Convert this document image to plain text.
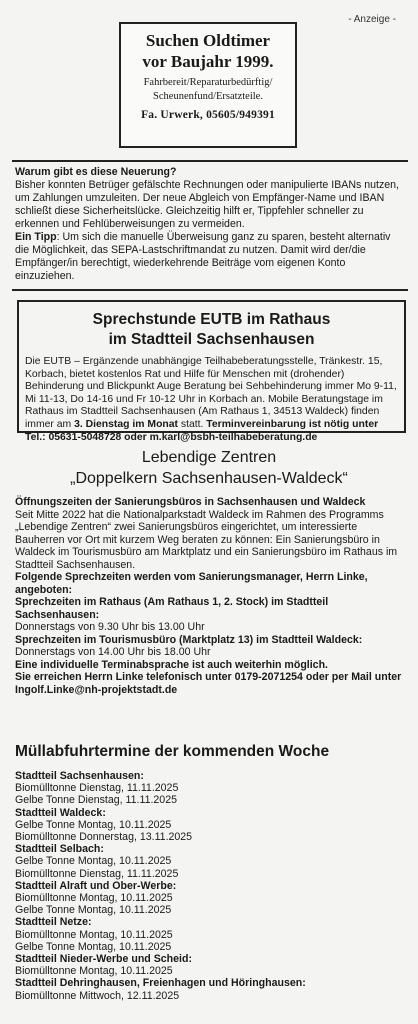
- Anzeige -
Suchen Oldtimer
vor Baujahr 1999.
Fahrbereit/Reparaturbedürftig/
Scheunenfund/Ersatzteile.
Fa. Urwerk, 05605/949391

Warum gibt es diese Neuerung?

Bisher konnten Betrüger gefälschte Rechnungen oder manipulierte IBANs nutzen, um Zahlungen umzuleiten. Der neue Abgleich von Empfänger-Name und IBAN schließt diese Sicherheitslücke. Gleichzeitig hilft er, Tippfehler schneller zu erkennen und Fehlüberweisungen zu vermeiden.

Ein Tipp: Um sich die manuelle Überweisung ganz zu sparen, besteht alternativ die Möglichkeit, das SEPA-Lastschriftmandat zu nutzen. Damit wird der/die Empfänger/in berechtigt, wiederkehrende Beiträge vom eigenen Konto einzuziehen.

Sprechstunde EUTB im Rathaus
im Stadtteil Sachsenhausen
Die EUTB – Ergänzende unabhängige Teilhabeberatungsstelle, Tränkestr. 15, Korbach, bietet kostenlos Rat und Hilfe für Menschen mit (drohender) Behinderung und Blickpunkt Auge Beratung bei Sehbehinderung immer Mo 9-11, Mi 11-13, Do 14-16 und Fr 10-12 Uhr in Korbach an. Mobile Beratungstage im Rathaus im Stadtteil Sachsenhausen (Am Rathaus 1, 34513 Waldeck) finden immer am 3. Dienstag im Monat statt. Terminvereinbarung ist nötig unter Tel.: 05631-5048728 oder m.karl@bsbh-teilhabeberatung.de
Lebendige Zentren
„Doppelkern Sachsenhausen-Waldeck“

Öffnungszeiten der Sanierungsbüros in Sachsenhausen und Waldeck

Seit Mitte 2022 hat die Nationalparkstadt Waldeck im Rahmen des Programms „Lebendige Zentren“ zwei Sanierungsbüros eingerichtet, um interessierte Bauherren vor Ort mit kurzem Weg beraten zu können: Ein Sanierungsbüro in Waldeck im Tourismusbüro am Marktplatz und ein Sanierungsbüro im Rathaus im Stadtteil Sachsenhausen.

Folgende Sprechzeiten werden vom Sanierungsmanager, Herrn Linke, angeboten:

Sprechzeiten im Rathaus (Am Rathaus 1, 2. Stock) im Stadtteil Sachsenhausen:

Donnerstags von 9.30 Uhr bis 13.00 Uhr

Sprechzeiten im Tourismusbüro (Marktplatz 13) im Stadtteil Waldeck:

Donnerstags von 14.00 Uhr bis 18.00 Uhr

Eine individuelle Terminabsprache ist auch weiterhin möglich.

Sie erreichen Herrn Linke telefonisch unter 0179-2071254 oder per Mail unter Ingolf.Linke@nh-projektstadt.de

Müllabfuhrtermine der kommenden Woche
Stadtteil Sachsenhausen:
Biomülltonne Dienstag, 11.11.2025
Gelbe Tonne Dienstag, 11.11.2025
Stadtteil Waldeck:
Gelbe Tonne Montag, 10.11.2025
Biomülltonne Donnerstag, 13.11.2025
Stadtteil Selbach:
Gelbe Tonne Montag, 10.11.2025
Biomülltonne Dienstag, 11.11.2025
Stadtteil Alraft und Ober-Werbe:
Biomülltonne Montag, 10.11.2025
Gelbe Tonne Montag, 10.11.2025
Stadtteil Netze:
Biomülltonne Montag, 10.11.2025
Gelbe Tonne Montag, 10.11.2025
Stadtteil Nieder-Werbe und Scheid:
Biomülltonne Montag, 10.11.2025
Stadtteil Dehringhausen, Freienhagen und Höringhausen:
Biomülltonne Mittwoch, 12.11.2025
